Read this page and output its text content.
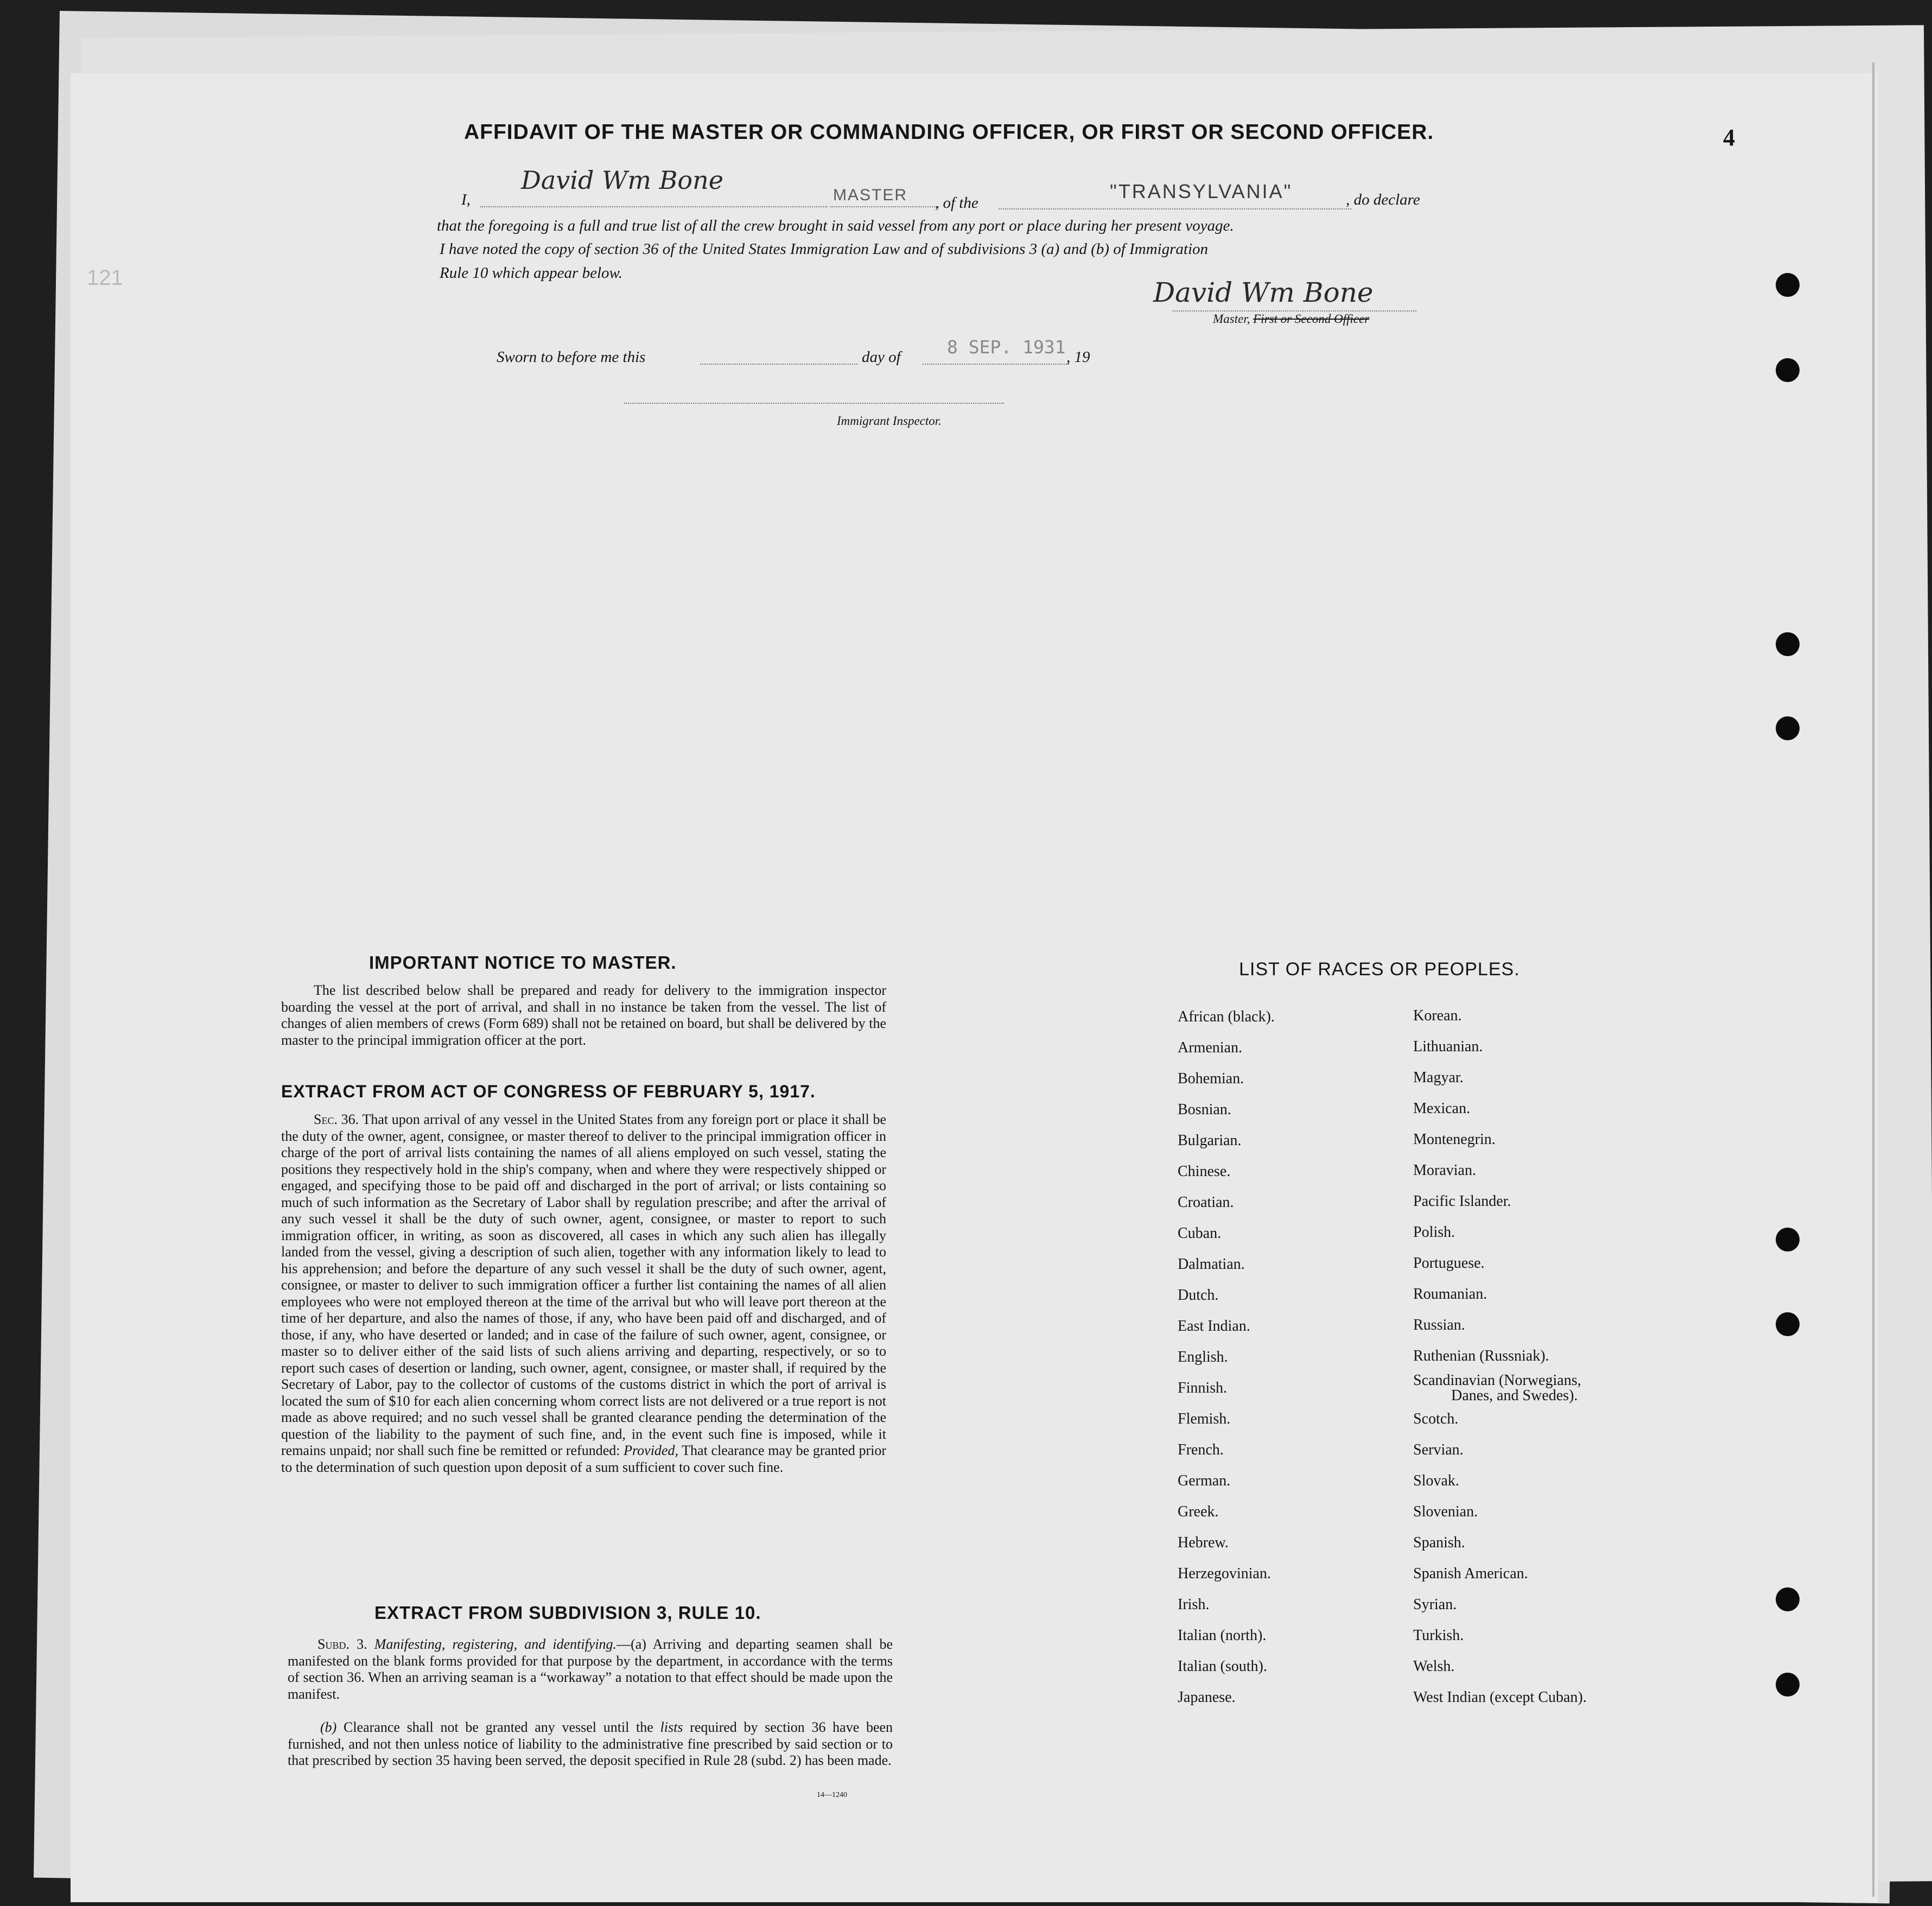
121
AFFIDAVIT OF THE MASTER OR COMMANDING OFFICER, OR FIRST OR SECOND OFFICER.	4
I,
David Wm Bone
MASTER , of the
"TRANSYLVANIA"	, do declare
that the foregoing is a full and true list of all the crew brought in said vessel from any port or place during her present voyage.
I have noted the copy of section 36 of the United States Immigration Law and of subdivisions 3 (a) and (b) of Immigration
Rule 10 which appear below.
David Wm Bone
Master, First or Second Officer
Sworn to before me this	day of	8 SEP. 1931 , 19
Immigrant Inspector.
IMPORTANT NOTICE TO MASTER.
The list described below shall be prepared and ready for delivery to the immigration inspector boarding the vessel at the port of arrival, and shall in no instance be taken from the vessel. The list of changes of alien members of crews (Form 689) shall not be retained on board, but shall be delivered by the master to the principal immigration officer at the port.
EXTRACT FROM ACT OF CONGRESS OF FEBRUARY 5, 1917.
Sec. 36. That upon arrival of any vessel in the United States from any foreign port or place it shall be the duty of the owner, agent, consignee, or master thereof to deliver to the principal immigration officer in charge of the port of arrival lists containing the names of all aliens employed on such vessel, stating the positions they respectively hold in the ship's company, when and where they were respectively shipped or engaged, and specifying those to be paid off and discharged in the port of arrival; or lists containing so much of such information as the Secretary of Labor shall by regulation prescribe; and after the arrival of any such vessel it shall be the duty of such owner, agent, consignee, or master to report to such immigration officer, in writing, as soon as discovered, all cases in which any such alien has illegally landed from the vessel, giving a description of such alien, together with any information likely to lead to his apprehension; and before the departure of any such vessel it shall be the duty of such owner, agent, consignee, or master to deliver to such immigration officer a further list containing the names of all alien employees who were not employed thereon at the time of the arrival but who will leave port thereon at the time of her departure, and also the names of those, if any, who have been paid off and discharged, and of those, if any, who have deserted or landed; and in case of the failure of such owner, agent, consignee, or master so to deliver either of the said lists of such aliens arriving and departing, respectively, or so to report such cases of desertion or landing, such owner, agent, consignee, or master shall, if required by the Secretary of Labor, pay to the collector of customs of the customs district in which the port of arrival is located the sum of $10 for each alien concerning whom correct lists are not delivered or a true report is not made as above required; and no such vessel shall be granted clearance pending the determination of the question of the liability to the payment of such fine, and, in the event such fine is imposed, while it remains unpaid; nor shall such fine be remitted or refunded: Provided, That clearance may be granted prior to the determination of such question upon deposit of a sum sufficient to cover such fine.
EXTRACT FROM SUBDIVISION 3, RULE 10.
Subd. 3. Manifesting, registering, and identifying.—(a) Arriving and departing seamen shall be manifested on the blank forms provided for that purpose by the department, in accordance with the terms of section 36. When an arriving seaman is a “workaway” a notation to that effect should be made upon the manifest.
(b) Clearance shall not be granted any vessel until the lists required by section 36 have been furnished, and not then unless notice of liability to the administrative fine prescribed by said section or to that prescribed by section 35 having been served, the deposit specified in Rule 28 (subd. 2) has been made.
14—1240
LIST OF RACES OR PEOPLES.
African (black).
Armenian.
Bohemian.
Bosnian.
Bulgarian.
Chinese.
Croatian.
Cuban.
Dalmatian.
Dutch.
East Indian.
English.
Finnish.
Flemish.
French.
German.
Greek.
Hebrew.
Herzegovinian.
Irish.
Italian (north).
Italian (south).
Japanese.
Korean.
Lithuanian.
Magyar.
Mexican.
Montenegrin.
Moravian.
Pacific Islander.
Polish.
Portuguese.
Roumanian.
Russian.
Ruthenian (Russniak).
Scandinavian (Norwegians,
Danes, and Swedes).
Scotch.
Servian.
Slovak.
Slovenian.
Spanish.
Spanish American.
Syrian.
Turkish.
Welsh.
West Indian (except Cuban).
